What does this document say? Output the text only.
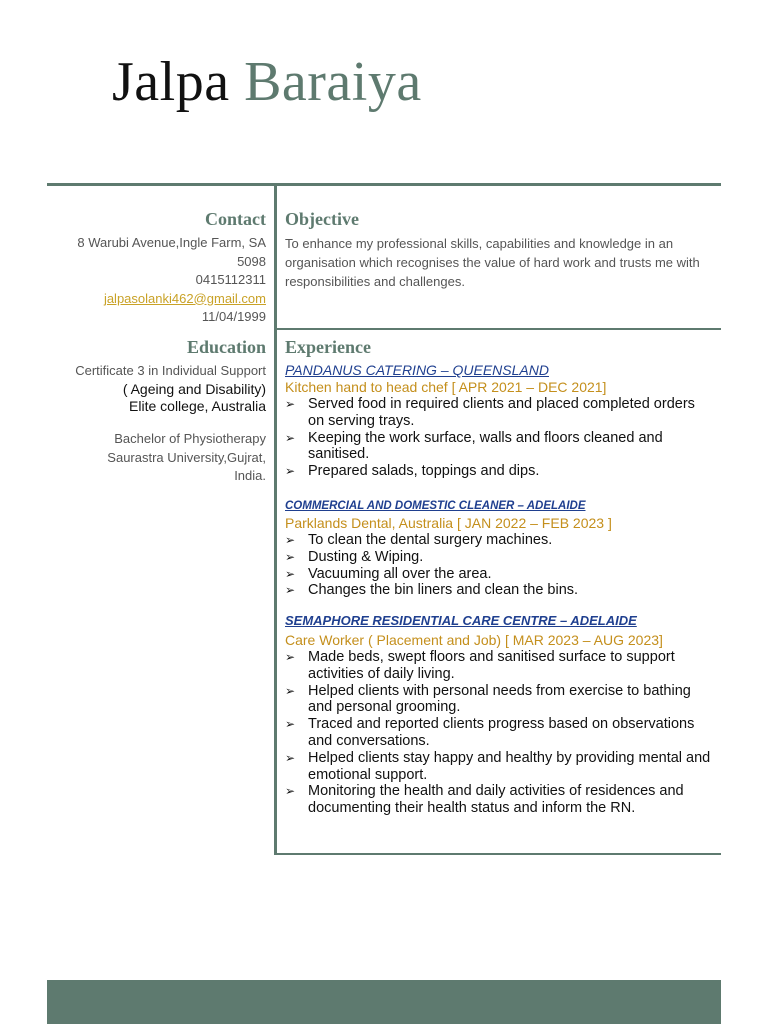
Jalpa Baraiya
Contact
8 Warubi Avenue,Ingle Farm, SA
5098
0415112311
jalpasolanki462@gmail.com
11/04/1999
Education
Certificate 3 in Individual Support
( Ageing and Disability)
Elite college, Australia
Bachelor of Physiotherapy
Saurastra University,Gujrat,
India.
Objective

To enhance my professional skills, capabilities and knowledge in an organisation which recognises the value of hard work and trusts me with responsibilities and challenges.

Experience

PANDANUS CATERING – QUEENSLAND

Kitchen hand to head chef [ APR 2021 – DEC 2021]

➢ Served food in required clients and placed completed orders on serving trays.
➢ Keeping the work surface, walls and floors cleaned and sanitised.
➢ Prepared salads, toppings and dips.

COMMERCIAL AND DOMESTIC CLEANER – ADELAIDE

Parklands Dental, Australia [ JAN 2022 – FEB 2023 ]

➢ To clean the dental surgery machines.
➢ Dusting & Wiping.
➢ Vacuuming all over the area.
➢ Changes the bin liners and clean the bins.

SEMAPHORE RESIDENTIAL CARE CENTRE – ADELAIDE

Care Worker ( Placement and Job) [ MAR 2023 – AUG 2023]

➢ Made beds, swept floors and sanitised surface to support activities of daily living.
➢ Helped clients with personal needs from exercise to bathing and personal grooming.
➢ Traced and reported clients progress based on observations and conversations.
➢ Helped clients stay happy and healthy by providing mental and emotional support.
➢ Monitoring the health and daily activities of residences and documenting their health status and inform the RN.
